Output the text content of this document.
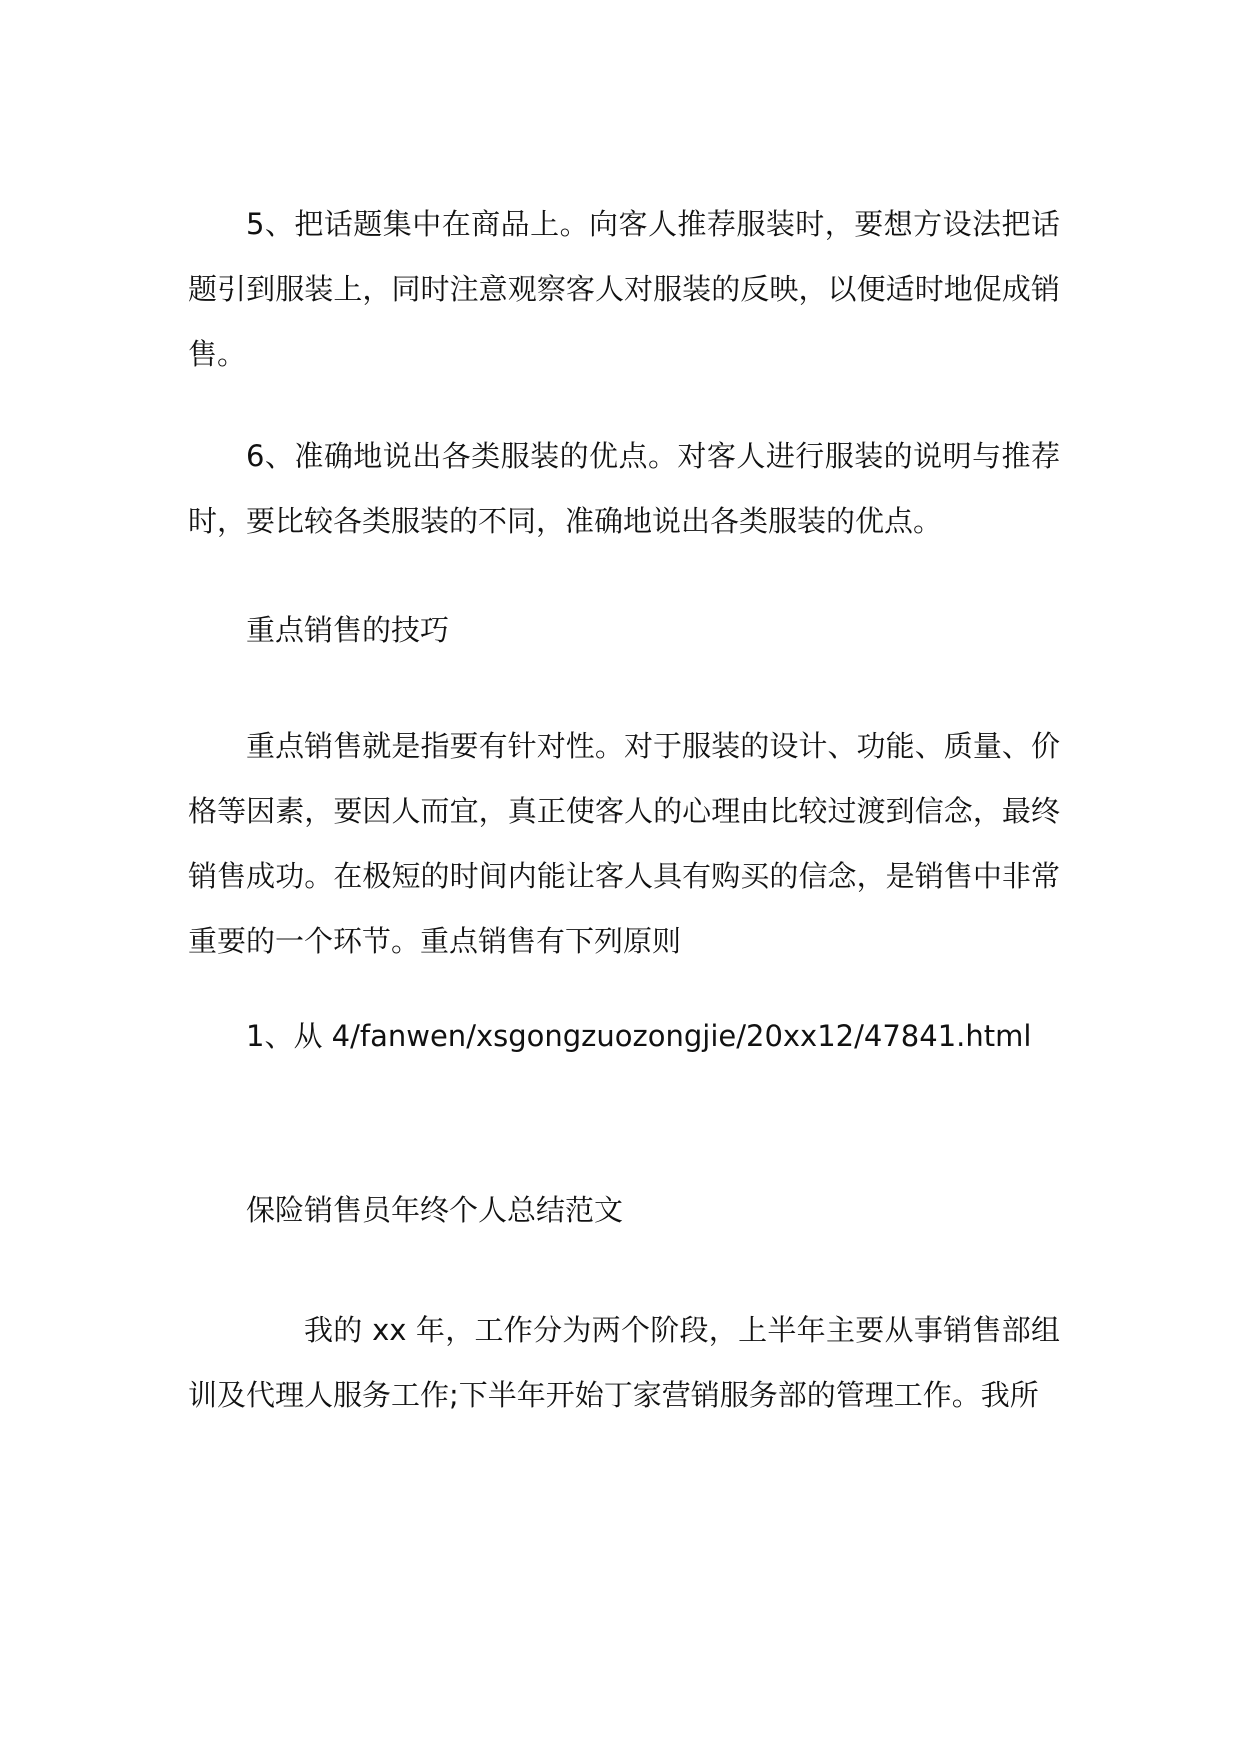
5、把话题集中在商品上。向客人推荐服装时，要想方设法把话题引到服装上，同时注意观察客人对服装的反映，以便适时地促成销售。

6、准确地说出各类服装的优点。对客人进行服装的说明与推荐时，要比较各类服装的不同，准确地说出各类服装的优点。

重点销售的技巧

重点销售就是指要有针对性。对于服装的设计、功能、质量、价格等因素，要因人而宜，真正使客人的心理由比较过渡到信念，最终销售成功。在极短的时间内能让客人具有购买的信念，是销售中非常重要的一个环节。重点销售有下列原则

1、从 4/fanwen/xsgongzuozongjie/20xx12/47841.html

保险销售员年终个人总结范文

我的 xx 年，工作分为两个阶段，上半年主要从事销售部组训及代理人服务工作;下半年开始丁家营销服务部的管理工作。我所
